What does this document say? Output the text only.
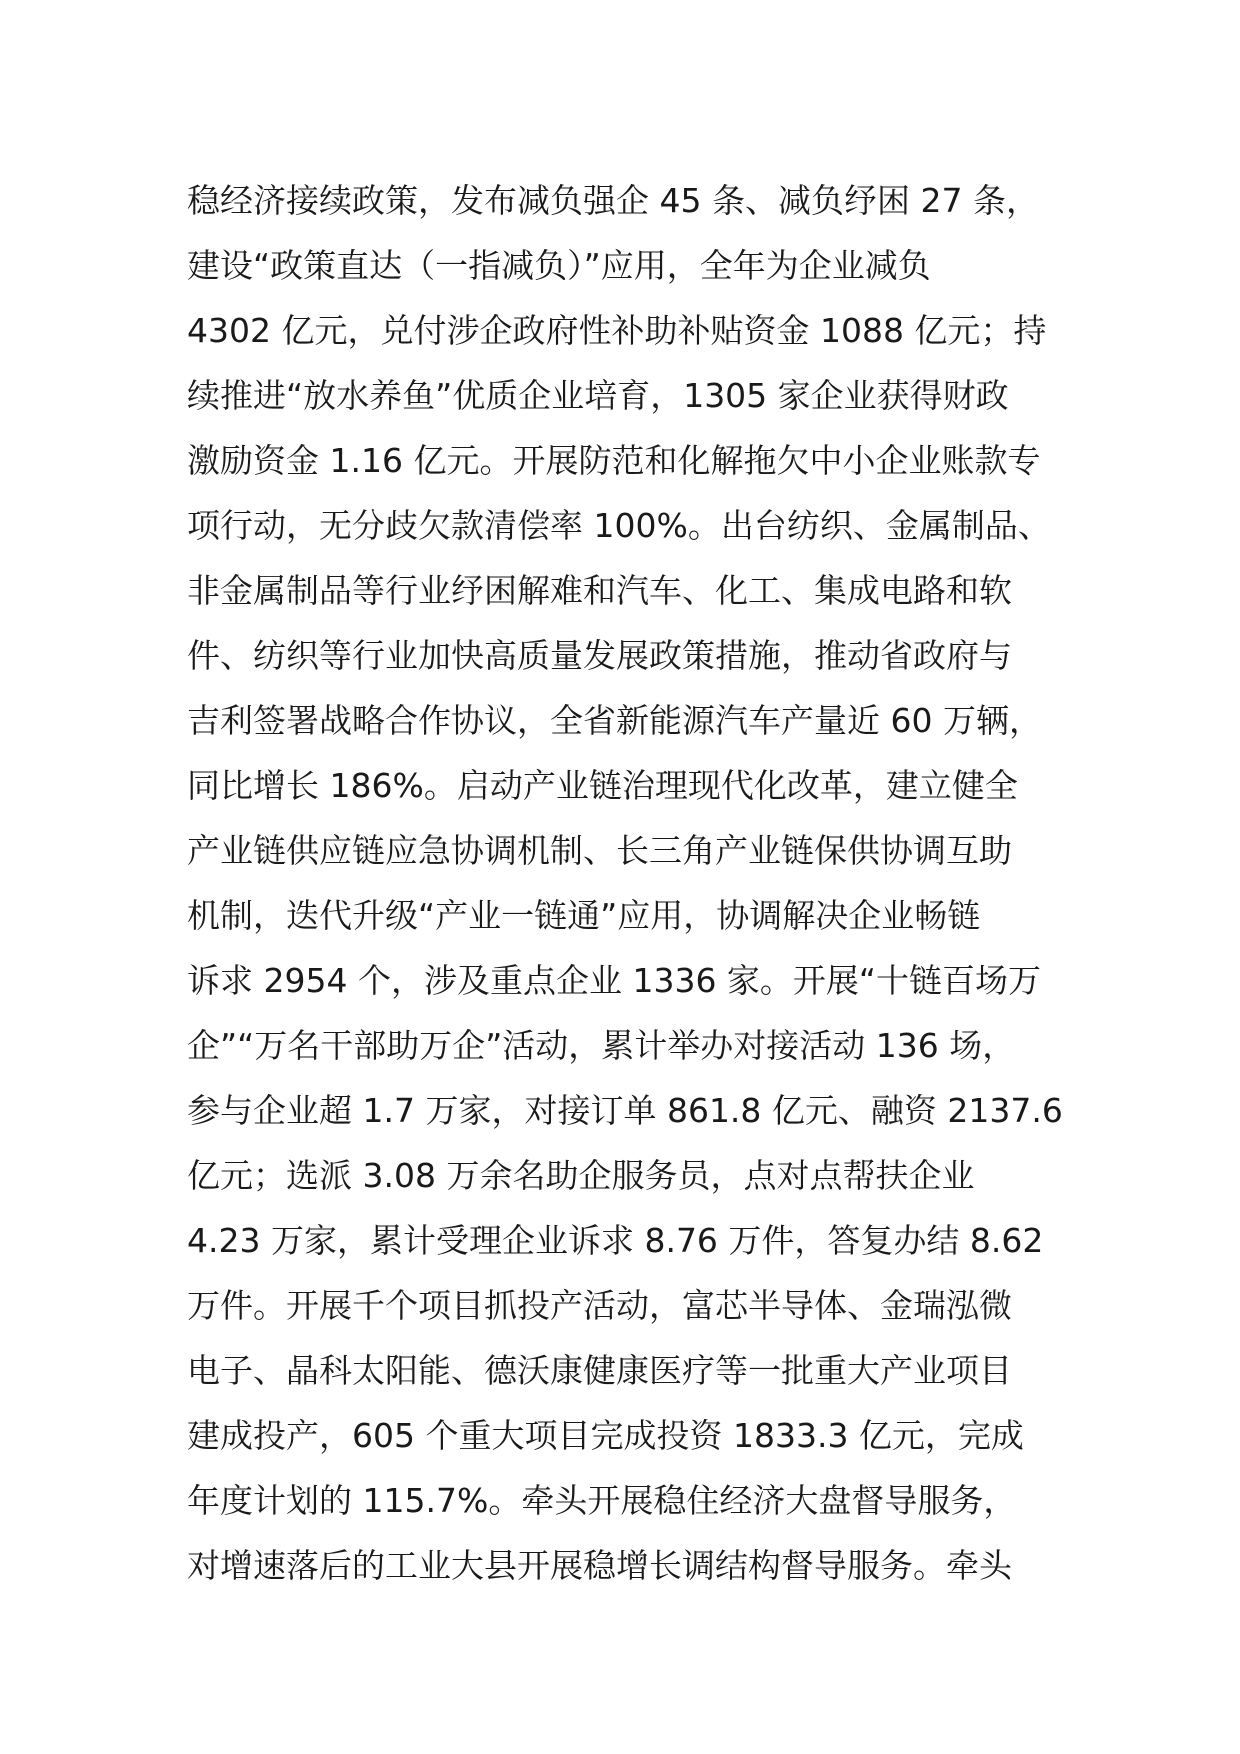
稳经济接续政策，发布减负强企 45 条、减负纾困 27 条，
建设“政策直达（一指减负）”应用，全年为企业减负
4302 亿元，兑付涉企政府性补助补贴资金 1088 亿元；持
续推进“放水养鱼”优质企业培育，1305 家企业获得财政
激励资金 1.16 亿元。开展防范和化解拖欠中小企业账款专
项行动，无分歧欠款清偿率 100%。出台纺织、金属制品、
非金属制品等行业纾困解难和汽车、化工、集成电路和软
件、纺织等行业加快高质量发展政策措施，推动省政府与
吉利签署战略合作协议，全省新能源汽车产量近 60 万辆，
同比增长 186%。启动产业链治理现代化改革，建立健全
产业链供应链应急协调机制、长三角产业链保供协调互助
机制，迭代升级“产业一链通”应用，协调解决企业畅链
诉求 2954 个，涉及重点企业 1336 家。开展“十链百场万
企”“万名干部助万企”活动，累计举办对接活动 136 场，
参与企业超 1.7 万家，对接订单 861.8 亿元、融资 2137.6
亿元；选派 3.08 万余名助企服务员，点对点帮扶企业
4.23 万家，累计受理企业诉求 8.76 万件，答复办结 8.62
万件。开展千个项目抓投产活动，富芯半导体、金瑞泓微
电子、晶科太阳能、德沃康健康医疗等一批重大产业项目
建成投产，605 个重大项目完成投资 1833.3 亿元，完成
年度计划的 115.7%。牵头开展稳住经济大盘督导服务，
对增速落后的工业大县开展稳增长调结构督导服务。牵头
